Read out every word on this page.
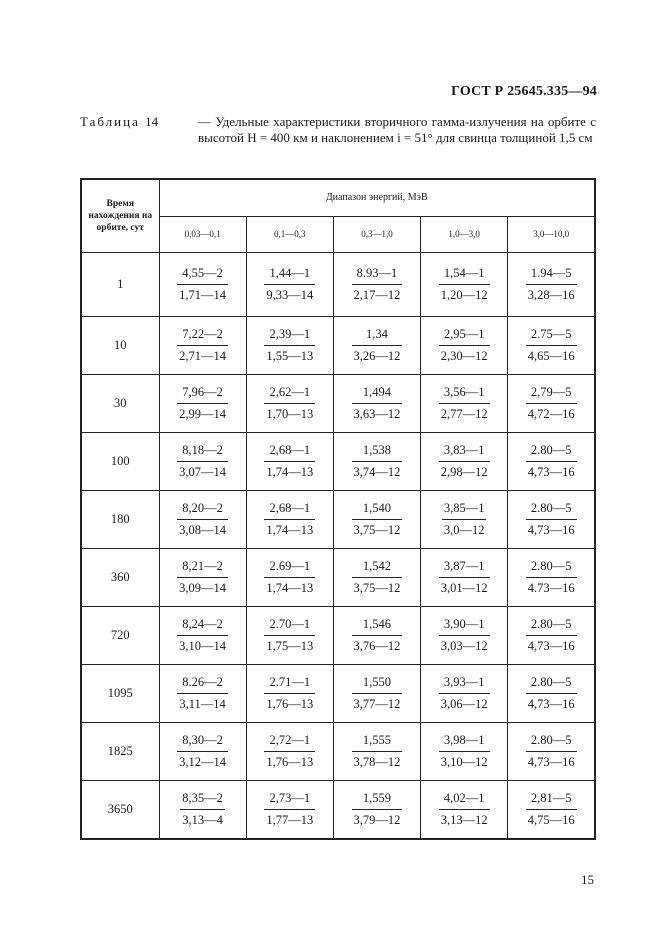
ГОСТ Р 25645.335—94
Таблица 14	— Удельные характеристики вторичного гамма-излучения на орбите с высотой H = 400 км и наклонением i = 51° для свинца толщиной 1,5 см
Время нахождения на орбите, сут	Диапазон энергий, МэВ				
	0,03—0,1	0,1—0,3	0,3—1,0	1,0—3,0	3,0—10,0
1	$\frac{4,55—2}{1,71—14}$	$\frac{1,44—1}{9,33—14}$	$\frac{8.93—1}{2,17—12}$	$\frac{1,54—1}{1,20—12}$	$\frac{1.94—5}{3,28—16}$

10	$\frac{7,22—2}{2,71—14}$	$\frac{2,39—1}{1,55—13}$	$\frac{1,34}{3,26—12}$	$\frac{2,95—1}{2,30—12}$	$\frac{2.75—5}{4,65—16}$

30	$\frac{7,96—2}{2,99—14}$	$\frac{2,62—1}{1,70—13}$	$\frac{1,494}{3,63—12}$	$\frac{3,56—1}{2,77—12}$	$\frac{2,79—5}{4,72—16}$

100	$\frac{8,18—2}{3,07—14}$	$\frac{2,68—1}{1,74—13}$	$\frac{1,538}{3,74—12}$	$\frac{3,83—1}{2,98—12}$	$\frac{2.80—5}{4,73—16}$

180	$\frac{8,20—2}{3,08—14}$	$\frac{2,68—1}{1,74—13}$	$\frac{1,540}{3,75—12}$	$\frac{3,85—1}{3,0—12}$	$\frac{2.80—5}{4,73—16}$

360	$\frac{8,21—2}{3,09—14}$	$\frac{2.69—1}{1,74—13}$	$\frac{1,542}{3,75—12}$	$\frac{3,87—1}{3,01—12}$	$\frac{2.80—5}{4.73—16}$

720	$\frac{8,24—2}{3,10—14}$	$\frac{2.70—1}{1,75—13}$	$\frac{1,546}{3,76—12}$	$\frac{3,90—1}{3,03—12}$	$\frac{2.80—5}{4,73—16}$

1095	$\frac{8.26—2}{3,11—14}$	$\frac{2.71—1}{1,76—13}$	$\frac{1,550}{3,77—12}$	$\frac{3,93—1}{3,06—12}$	$\frac{2.80—5}{4,73—16}$

1825	$\frac{8,30—2}{3,12—14}$	$\frac{2,72—1}{1,76—13}$	$\frac{1,555}{3,78—12}$	$\frac{3,98—1}{3,10—12}$	$\frac{2.80—5}{4,73—16}$

3650	$\frac{8,35—2}{3,13—4}$	$\frac{2,73—1}{1,77—13}$	$\frac{1,559}{3,79—12}$	$\frac{4,02—1}{3,13—12}$	$\frac{2,81—5}{4,75—16}$
15
